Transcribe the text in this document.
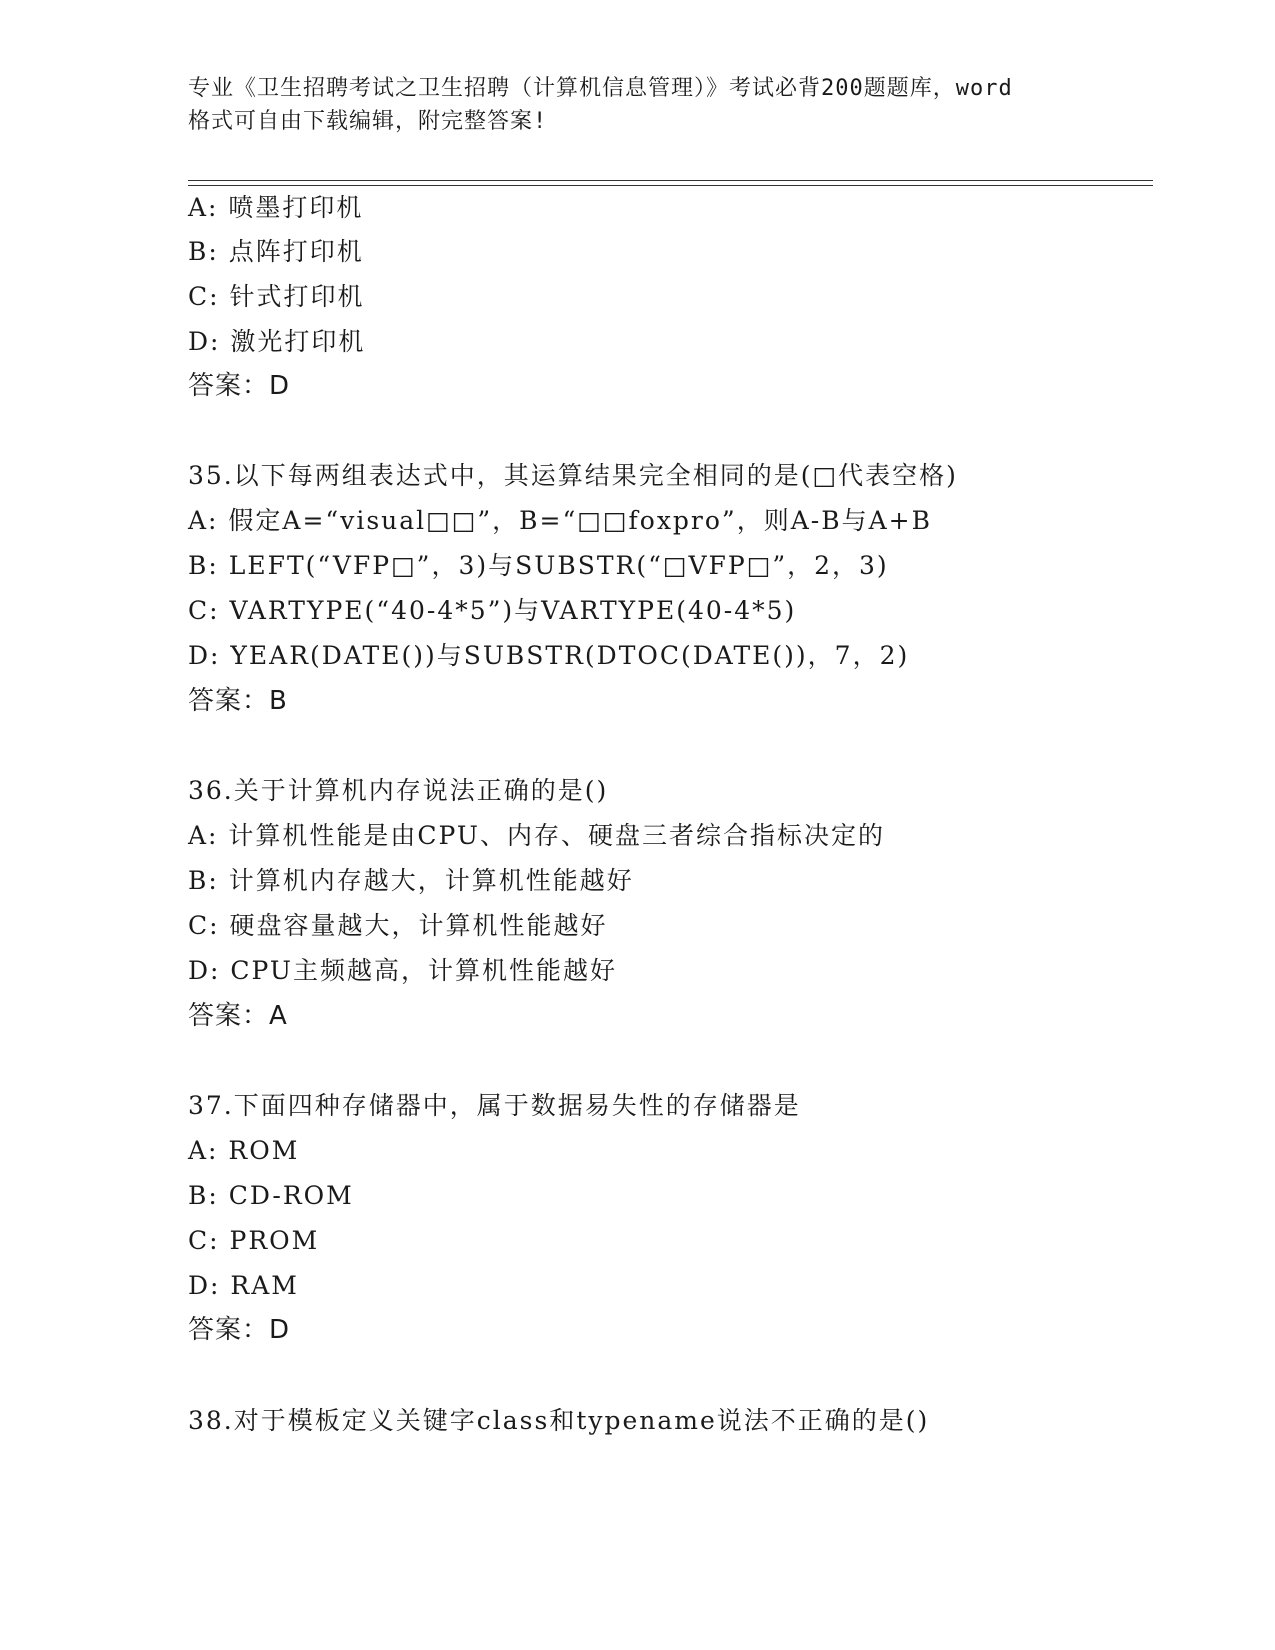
专业《卫生招聘考试之卫生招聘（计算机信息管理）》考试必背200题题库，word
格式可自由下载编辑，附完整答案!
A: 喷墨打印机
B: 点阵打印机
C: 针式打印机
D: 激光打印机
答案：D
35.以下每两组表达式中，其运算结果完全相同的是(□代表空格)
A: 假定A=“visual□□”，B=“□□foxpro”，则A-B与A+B
B: LEFT(“VFP□”，3)与SUBSTR(“□VFP□”，2，3)
C: VARTYPE(“40-4*5”)与VARTYPE(40-4*5)
D: YEAR(DATE())与SUBSTR(DTOC(DATE())，7，2)
答案：B
36.关于计算机内存说法正确的是()
A: 计算机性能是由CPU、内存、硬盘三者综合指标决定的
B: 计算机内存越大，计算机性能越好
C: 硬盘容量越大，计算机性能越好
D: CPU主频越高，计算机性能越好
答案：A
37.下面四种存储器中，属于数据易失性的存储器是
A: ROM
B: CD-ROM
C: PROM
D: RAM
答案：D
38.对于模板定义关键字class和typename说法不正确的是()
